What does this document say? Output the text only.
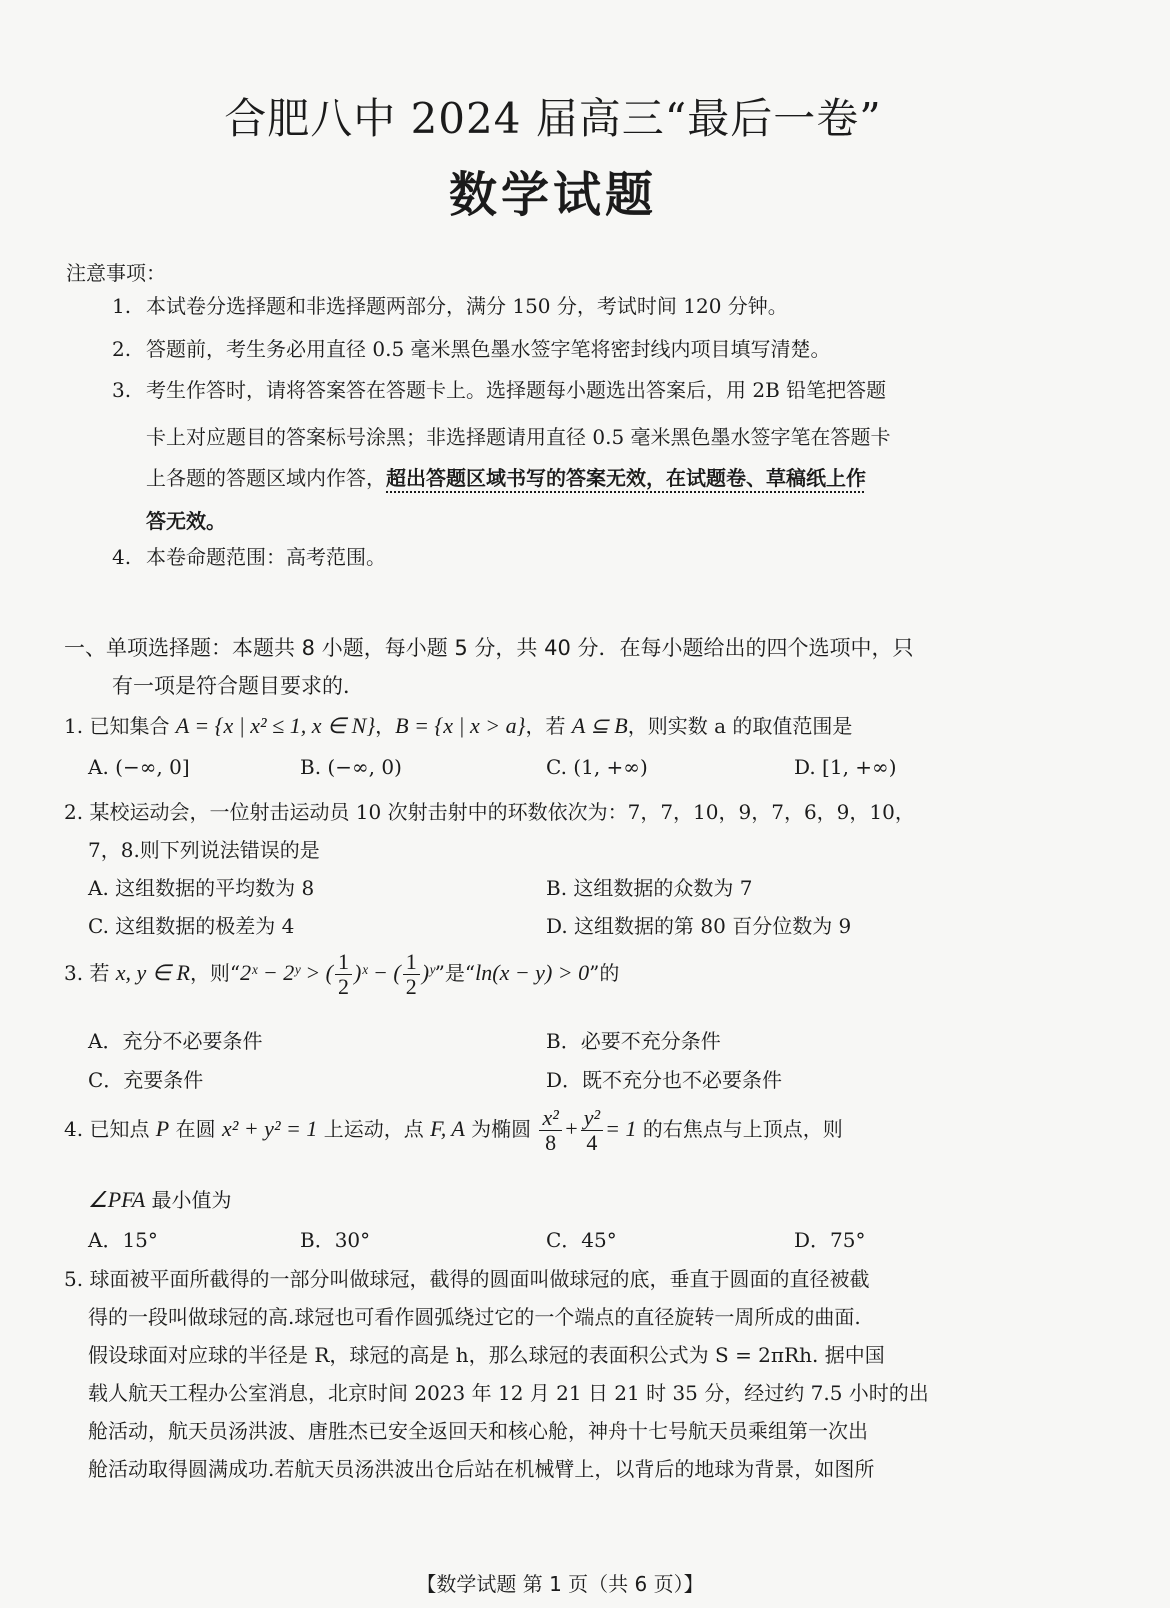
合肥八中 2024 届高三“最后一卷”
数学试题
注意事项：
1. 本试卷分选择题和非选择题两部分，满分 150 分，考试时间 120 分钟。
2. 答题前，考生务必用直径 0.5 毫米黑色墨水签字笔将密封线内项目填写清楚。
3. 考生作答时，请将答案答在答题卡上。选择题每小题选出答案后，用 2B 铅笔把答题
卡上对应题目的答案标号涂黑；非选择题请用直径 0.5 毫米黑色墨水签字笔在答题卡
上各题的答题区域内作答，超出答题区域书写的答案无效，在试题卷、草稿纸上作
答无效。
4. 本卷命题范围：高考范围。
一、单项选择题：本题共 8 小题，每小题 5 分，共 40 分．在每小题给出的四个选项中，只
有一项是符合题目要求的．
1. 已知集合 A = {x | x² ≤ 1, x ∈ N}，B = {x | x > a}，若 A ⊆ B，则实数 a 的取值范围是
A. (−∞, 0]	B. (−∞, 0)	C. (1, +∞)	D. [1, +∞)
2. 某校运动会，一位射击运动员 10 次射击射中的环数依次为：7，7，10，9，7，6，9，10，
7，8.则下列说法错误的是
A. 这组数据的平均数为 8	B. 这组数据的众数为 7
C. 这组数据的极差为 4	D. 这组数据的第 80 百分位数为 9
3. 若 x, y ∈ R，则“2ˣ − 2ʸ > ( $\frac{1}{2}$ )ˣ − ( $\frac{1}{2}$ )ʸ”是“ln(x − y) > 0”的
A．充分不必要条件	B．必要不充分条件
C．充要条件	D．既不充分也不必要条件
4. 已知点 P 在圆 x² + y² = 1 上运动，点 F, A 为椭圆 $\frac{\text{x²}}{8} + \frac{\text{y²}}{4} = 1$ 的右焦点与上顶点，则
∠PFA 最小值为
A．15°	B．30°	C．45°	D．75°
5. 球面被平面所截得的一部分叫做球冠，截得的圆面叫做球冠的底，垂直于圆面的直径被截
得的一段叫做球冠的高.球冠也可看作圆弧绕过它的一个端点的直径旋转一周所成的曲面.
假设球面对应球的半径是 R，球冠的高是 h，那么球冠的表面积公式为 S = 2πRh. 据中国
载人航天工程办公室消息，北京时间 2023 年 12 月 21 日 21 时 35 分，经过约 7.5 小时的出
舱活动，航天员汤洪波、唐胜杰已安全返回天和核心舱，神舟十七号航天员乘组第一次出
舱活动取得圆满成功.若航天员汤洪波出仓后站在机械臂上，以背后的地球为背景，如图所
【数学试题 第 1 页（共 6 页）】
